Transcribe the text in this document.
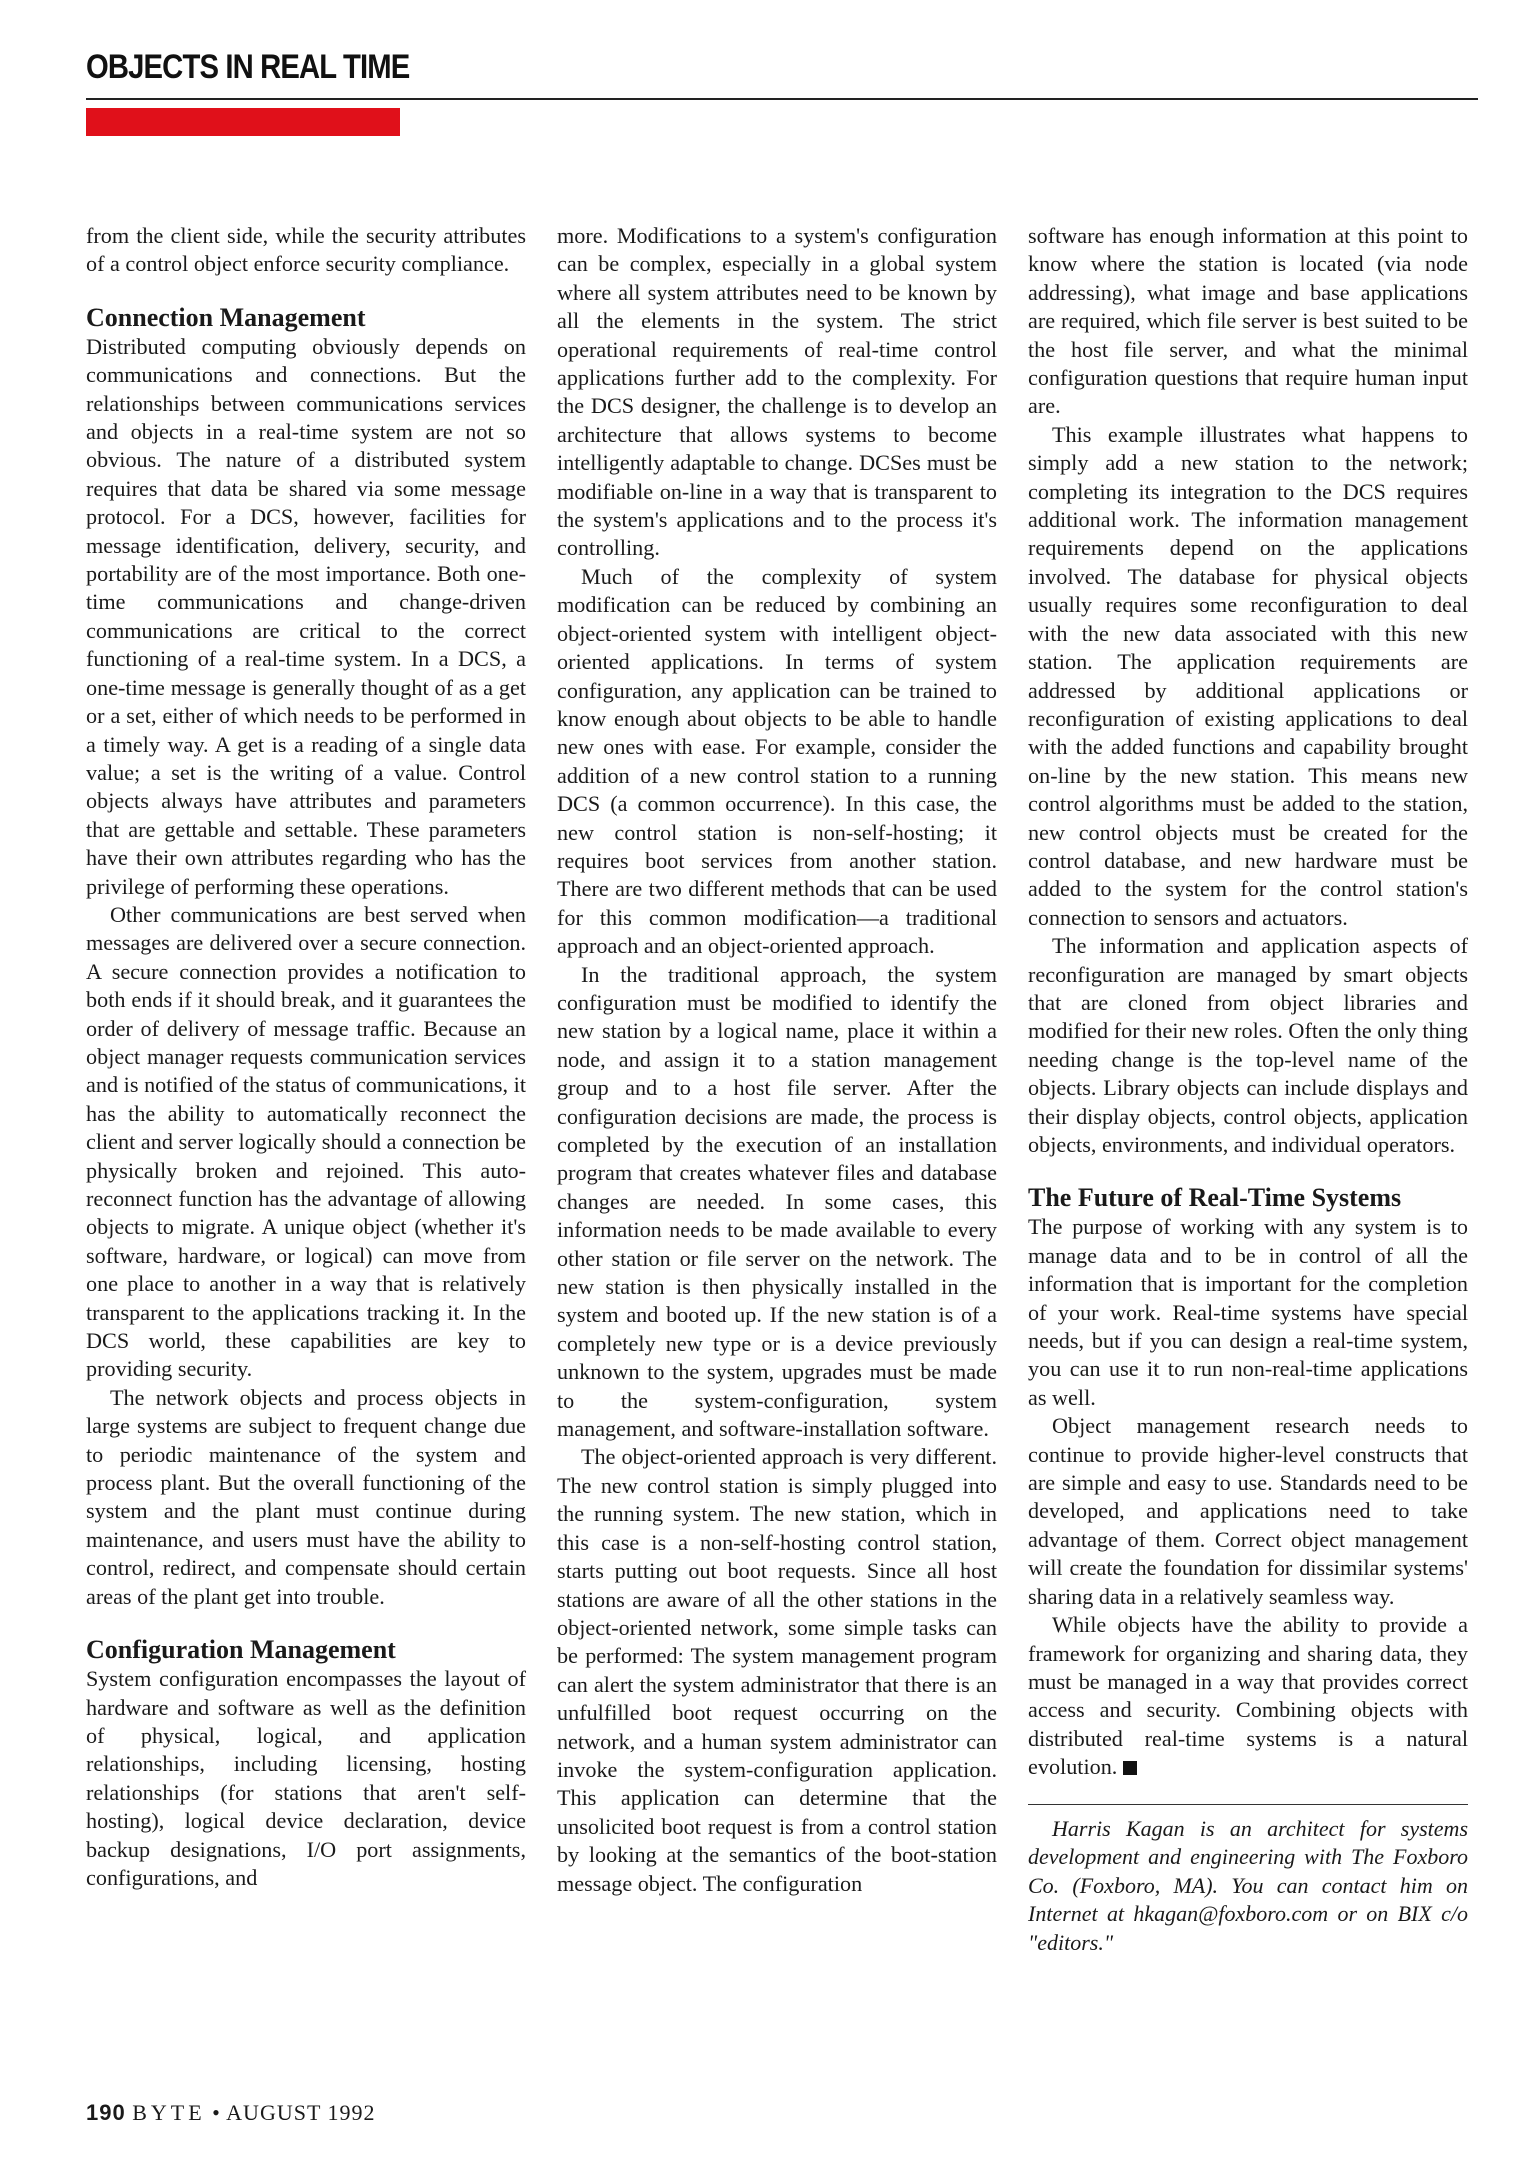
OBJECTS IN REAL TIME

from the client side, while the security attributes of a control object enforce security compliance.

Connection Management

Distributed computing obviously depends on communications and connections. But the relationships between communications services and objects in a real-time system are not so obvious. The nature of a distributed system requires that data be shared via some message protocol. For a DCS, however, facilities for message identification, delivery, security, and portability are of the most importance. Both one-time communications and change-driven communications are critical to the correct functioning of a real-time system. In a DCS, a one-time message is generally thought of as a get or a set, either of which needs to be performed in a timely way. A get is a reading of a single data value; a set is the writing of a value. Control objects always have attributes and parameters that are gettable and settable. These parameters have their own attributes regarding who has the privilege of performing these operations.

Other communications are best served when messages are delivered over a secure connection. A secure connection provides a notification to both ends if it should break, and it guarantees the order of delivery of message traffic. Because an object manager requests communication services and is notified of the status of communications, it has the ability to automatically reconnect the client and server logically should a connection be physically broken and rejoined. This auto-reconnect function has the advantage of allowing objects to migrate. A unique object (whether it's software, hardware, or logical) can move from one place to another in a way that is relatively transparent to the applications tracking it. In the DCS world, these capabilities are key to providing security.

The network objects and process objects in large systems are subject to frequent change due to periodic maintenance of the system and process plant. But the overall functioning of the system and the plant must continue during maintenance, and users must have the ability to control, redirect, and compensate should certain areas of the plant get into trouble.

Configuration Management

System configuration encompasses the layout of hardware and software as well as the definition of physical, logical, and application relationships, including licensing, hosting relationships (for stations that aren't self-hosting), logical device declaration, device backup designations, I/O port assignments, configurations, and

more. Modifications to a system's configuration can be complex, especially in a global system where all system attributes need to be known by all the elements in the system. The strict operational requirements of real-time control applications further add to the complexity. For the DCS designer, the challenge is to develop an architecture that allows systems to become intelligently adaptable to change. DCSes must be modifiable on-line in a way that is transparent to the system's applications and to the process it's controlling.

Much of the complexity of system modification can be reduced by combining an object-oriented system with intelligent object-oriented applications. In terms of system configuration, any application can be trained to know enough about objects to be able to handle new ones with ease. For example, consider the addition of a new control station to a running DCS (a common occurrence). In this case, the new control station is non-self-hosting; it requires boot services from another station. There are two different methods that can be used for this common modification—a traditional approach and an object-oriented approach.

In the traditional approach, the system configuration must be modified to identify the new station by a logical name, place it within a node, and assign it to a station management group and to a host file server. After the configuration decisions are made, the process is completed by the execution of an installation program that creates whatever files and database changes are needed. In some cases, this information needs to be made available to every other station or file server on the network. The new station is then physically installed in the system and booted up. If the new station is of a completely new type or is a device previously unknown to the system, upgrades must be made to the system-configuration, system management, and software-installation software.

The object-oriented approach is very different. The new control station is simply plugged into the running system. The new station, which in this case is a non-self-hosting control station, starts putting out boot requests. Since all host stations are aware of all the other stations in the object-oriented network, some simple tasks can be performed: The system management program can alert the system administrator that there is an unfulfilled boot request occurring on the network, and a human system administrator can invoke the system-configuration application. This application can determine that the unsolicited boot request is from a control station by looking at the semantics of the boot-station message object. The configuration

software has enough information at this point to know where the station is located (via node addressing), what image and base applications are required, which file server is best suited to be the host file server, and what the minimal configuration questions that require human input are.

This example illustrates what happens to simply add a new station to the network; completing its integration to the DCS requires additional work. The information management requirements depend on the applications involved. The database for physical objects usually requires some reconfiguration to deal with the new data associated with this new station. The application requirements are addressed by additional applications or reconfiguration of existing applications to deal with the added functions and capability brought on-line by the new station. This means new control algorithms must be added to the station, new control objects must be created for the control database, and new hardware must be added to the system for the control station's connection to sensors and actuators.

The information and application aspects of reconfiguration are managed by smart objects that are cloned from object libraries and modified for their new roles. Often the only thing needing change is the top-level name of the objects. Library objects can include displays and their display objects, control objects, application objects, environments, and individual operators.

The Future of Real-Time Systems

The purpose of working with any system is to manage data and to be in control of all the information that is important for the completion of your work. Real-time systems have special needs, but if you can design a real-time system, you can use it to run non-real-time applications as well.

Object management research needs to continue to provide higher-level constructs that are simple and easy to use. Standards need to be developed, and applications need to take advantage of them. Correct object management will create the foundation for dissimilar systems' sharing data in a relatively seamless way.

While objects have the ability to provide a framework for organizing and sharing data, they must be managed in a way that provides correct access and security. Combining objects with distributed real-time systems is a natural evolution.

Harris Kagan is an architect for systems development and engineering with The Foxboro Co. (Foxboro, MA). You can contact him on Internet at hkagan@foxboro.com or on BIX c/o "editors."

190 BYTE • AUGUST 1992
